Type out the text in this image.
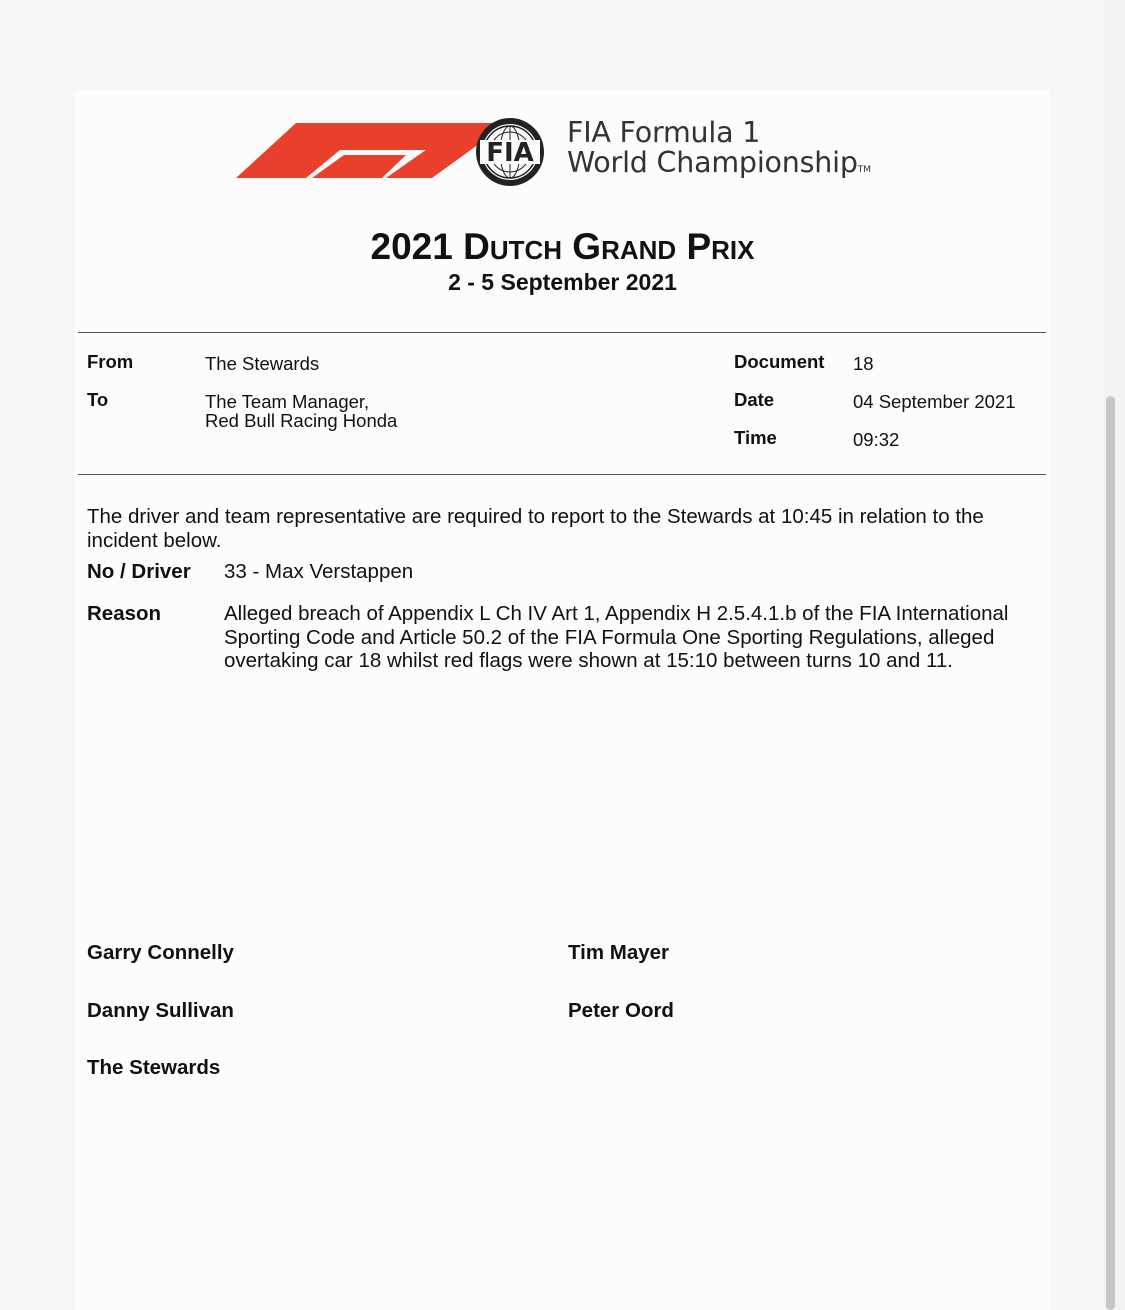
FIA
FIA Formula 1
World ChampionshipTM
2021 Dutch Grand Prix
2 - 5 September 2021
From	The Stewards
To	The Team Manager,
Red Bull Racing Honda
Document 18
Date	04 September 2021
Time	09:32
The driver and team representative are required to report to the Stewards at 10:45 in relation to the incident below.
No / Driver 33 - Max Verstappen
Reason	Alleged breach of Appendix L Ch IV Art 1, Appendix H 2.5.4.1.b of the FIA International Sporting Code and Article 50.2 of the FIA Formula One Sporting Regulations, alleged overtaking car 18 whilst red flags were shown at 15:10 between turns 10 and 11.
Garry Connelly	Tim Mayer
Danny Sullivan	Peter Oord
The Stewards
